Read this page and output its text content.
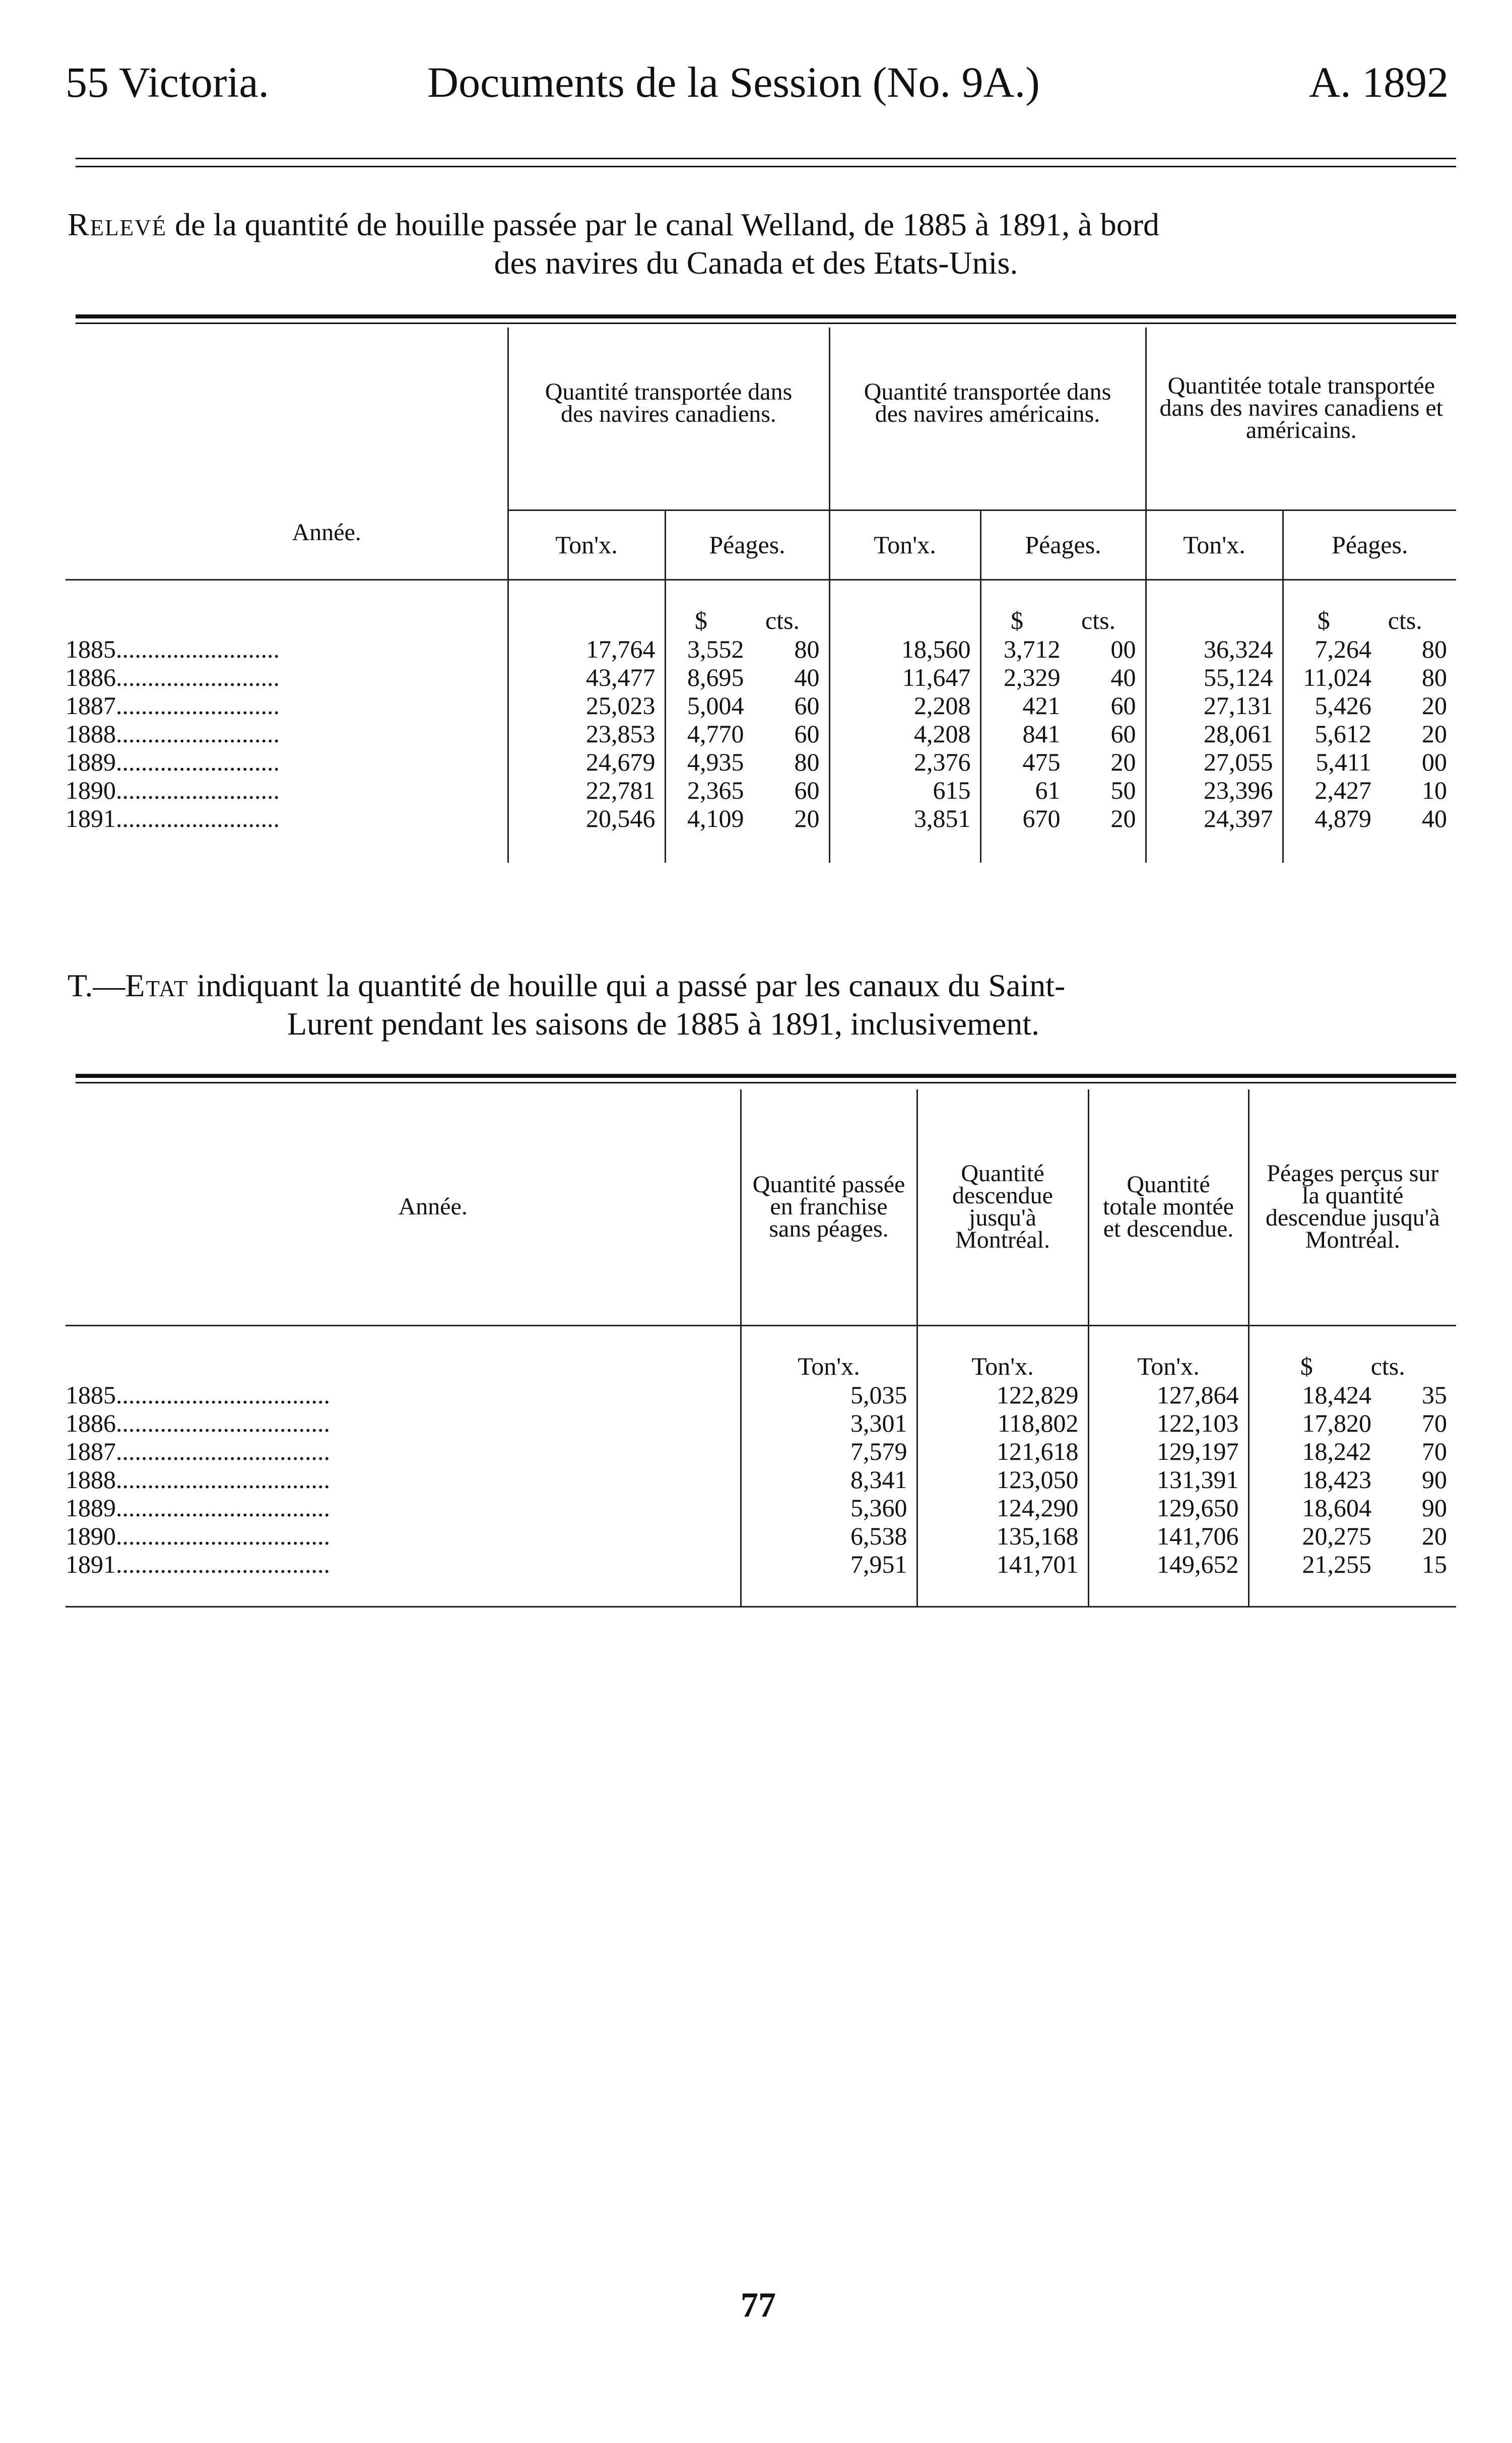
55 Victoria.	Documents de la Session (No. 9A.)	A. 1892
Relevé de la quantité de houille passée par le canal Welland, de 1885 à 1891, à bord
des navires du Canada et des Etats-Unis.
Année.	Quantité transportée dans des navires canadiens.		Quantité transportée dans des navires américains.		Quantitée totale transportée dans des navires canadiens et américains.	
	Ton'x.	Péages.	Ton'x.	Péages.	Ton'x.	Péages.
		$ cts.		$ cts.		$ cts.
1885..........................	17,764	3,552 80	18,560	3,712 00	36,324	7,264 80
1886..........................	43,477	8,695 40	11,647	2,329 40	55,124	11,024 80
1887..........................	25,023	5,004 60	2,208	421 60	27,131	5,426 20
1888..........................	23,853	4,770 60	4,208	841 60	28,061	5,612 20
1889..........................	24,679	4,935 80	2,376	475 20	27,055	5,411 00
1890..........................	22,781	2,365 60	615	61 50	23,396	2,427 10
1891..........................	20,546	4,109 20	3,851	670 20	24,397	4,879 40

T.—Etat indiquant la quantité de houille qui a passé par les canaux du Saint-
Lurent pendant les saisons de 1885 à 1891, inclusivement.
Année.	Quantité passée en franchise sans péages.	Quantité descendue jusqu'à Montréal.	Quantité totale montée et descendue.	Péages perçus sur la quantité descendue jusqu'à Montréal.
	Ton'x.	Ton'x.	Ton'x.	$ cts.
1885..................................	5,035	122,829	127,864	18,424 35
1886..................................	3,301	118,802	122,103	17,820 70
1887..................................	7,579	121,618	129,197	18,242 70
1888..................................	8,341	123,050	131,391	18,423 90
1889..................................	5,360	124,290	129,650	18,604 90
1890..................................	6,538	135,168	141,706	20,275 20
1891..................................	7,951	141,701	149,652	21,255 15

77
